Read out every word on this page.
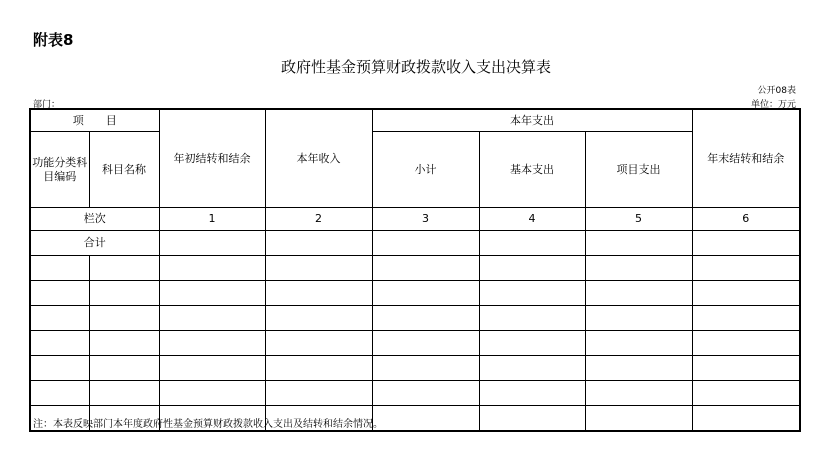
附表8
政府性基金预算财政拨款收入支出决算表
公开08表
单位：万元
部门：
项　　目		年初结转和结余	本年收入	本年支出			年末结转和结余
功能分类科目编码	科目名称			小计	基本支出	项目支出	
栏次		1	2	3	4	5	6
合计							

注：本表反映部门本年度政府性基金预算财政拨款收入支出及结转和结余情况。
